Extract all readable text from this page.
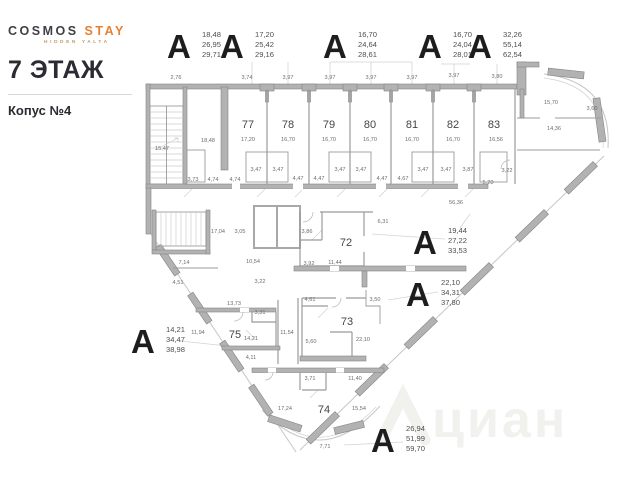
COSMOS STAY
HIDDEN YALTA
7 ЭТАЖ
Копус №4
циан
А 18,48
26,95
29,71
А 17,20
25,42
29,16 А 16,70
24,64
28,61 А 16,70
24,04
28,01
А 32,26
55,14
62,54
А 19,44
27,22
33,53
А 22,10
34,31
37,80
А 14,21
34,47
38,98
А 26,94
51,99
59,70
77	78	79	80	81	82	83
72
73
75
74
2,76	3,74	3,97	3,97	3,97	3,97	3,97	3,80
18,48	17,20	16,70	16,70	16,70	16,70	16,70	16,56
15,47
15,70
3,60
14,36
3,73 4,74 4,74
3,47 3,47
4,47 4,47
3,47 3,47
4,47 4,67
3,47 3,47 3,87	3,22
5,20
56,36
17,04 3,05
7,14	10,54
4,51	3,22
3,86
6,31
3,92 11,44
4,61	3,50
13,73
3,31
11,94
14,21
11,54
5,60	22,10
4,11
3,71	11,40
17,24	15,54
7,71
